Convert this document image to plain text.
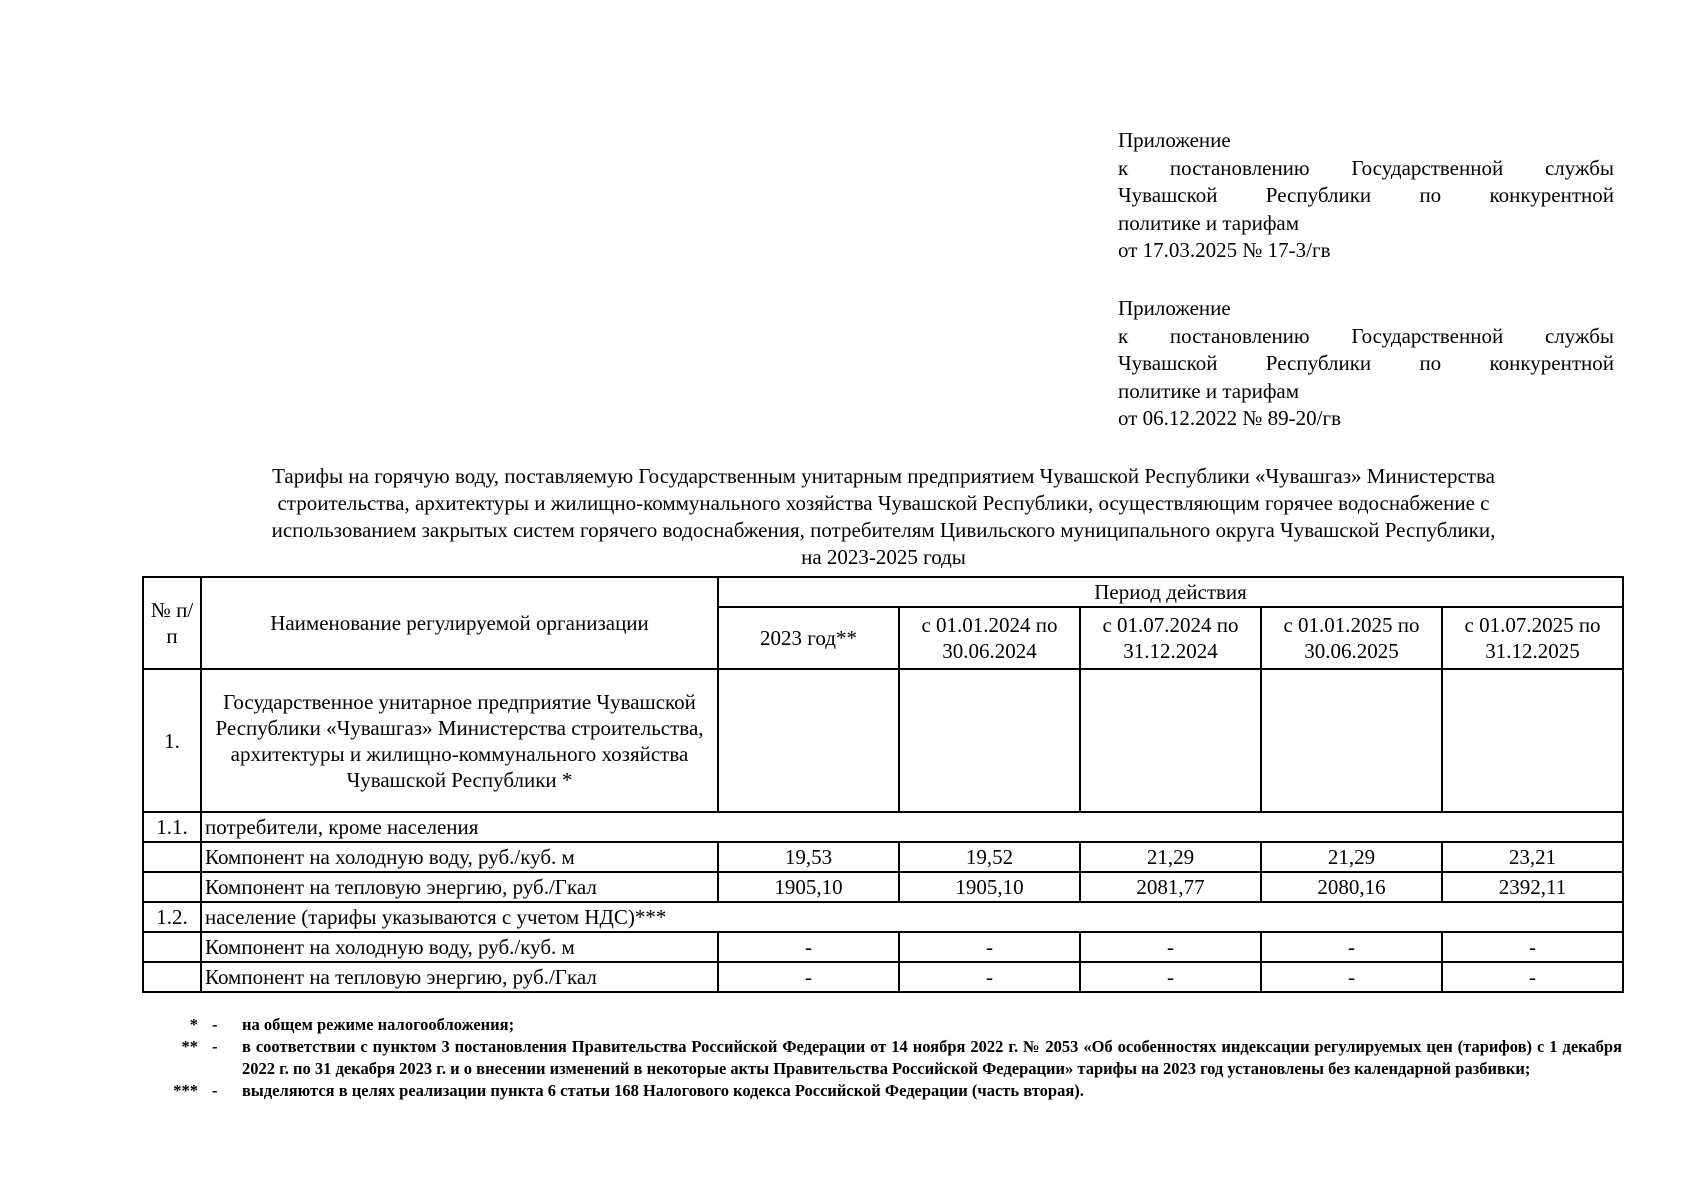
Приложение
к постановлению Государственной службы
Чувашской Республики по конкурентной
политике и тарифам
от 17.03.2025 № 17-3/гв
Приложение
к постановлению Государственной службы
Чувашской Республики по конкурентной
политике и тарифам
от 06.12.2022 № 89-20/гв
Тарифы на горячую воду, поставляемую Государственным унитарным предприятием Чувашской Республики «Чувашгаз» Министерства
строительства, архитектуры и жилищно-коммунального хозяйства Чувашской Республики, осуществляющим горячее водоснабжение с
использованием закрытых систем горячего водоснабжения, потребителям Цивильского муниципального округа Чувашской Республики,
на 2023-2025 годы
№ п/п	Наименование регулируемой организации	Период действия				
		2023 год**	с 01.01.2024 по 30.06.2024	с 01.07.2024 по 31.12.2024	с 01.01.2025 по 30.06.2025	с 01.07.2025 по 31.12.2025
1.	Государственное унитарное предприятие Чувашской Республики «Чувашгаз» Министерства строительства, архитектуры и жилищно-коммунального хозяйства Чувашской Республики *					
1.1.	потребители, кроме населения					
	Компонент на холодную воду, руб./куб. м	19,53	19,52	21,29	21,29	23,21
	Компонент на тепловую энергию, руб./Гкал	1905,10	1905,10	2081,77	2080,16	2392,11
1.2.	население (тарифы указываются с учетом НДС)***					
	Компонент на холодную воду, руб./куб. м	-	-	-	-	-
	Компонент на тепловую энергию, руб./Гкал	-	-	-	-	-
* - на общем режиме налогообложения;
** - в соответствии с пунктом 3 постановления Правительства Российской Федерации от 14 ноября 2022 г. № 2053 «Об особенностях индексации регулируемых цен (тарифов) с 1 декабря 2022 г. по 31 декабря 2023 г. и о внесении изменений в некоторые акты Правительства Российской Федерации» тарифы на 2023 год установлены без календарной разбивки;
*** - выделяются в целях реализации пункта 6 статьи 168 Налогового кодекса Российской Федерации (часть вторая).
